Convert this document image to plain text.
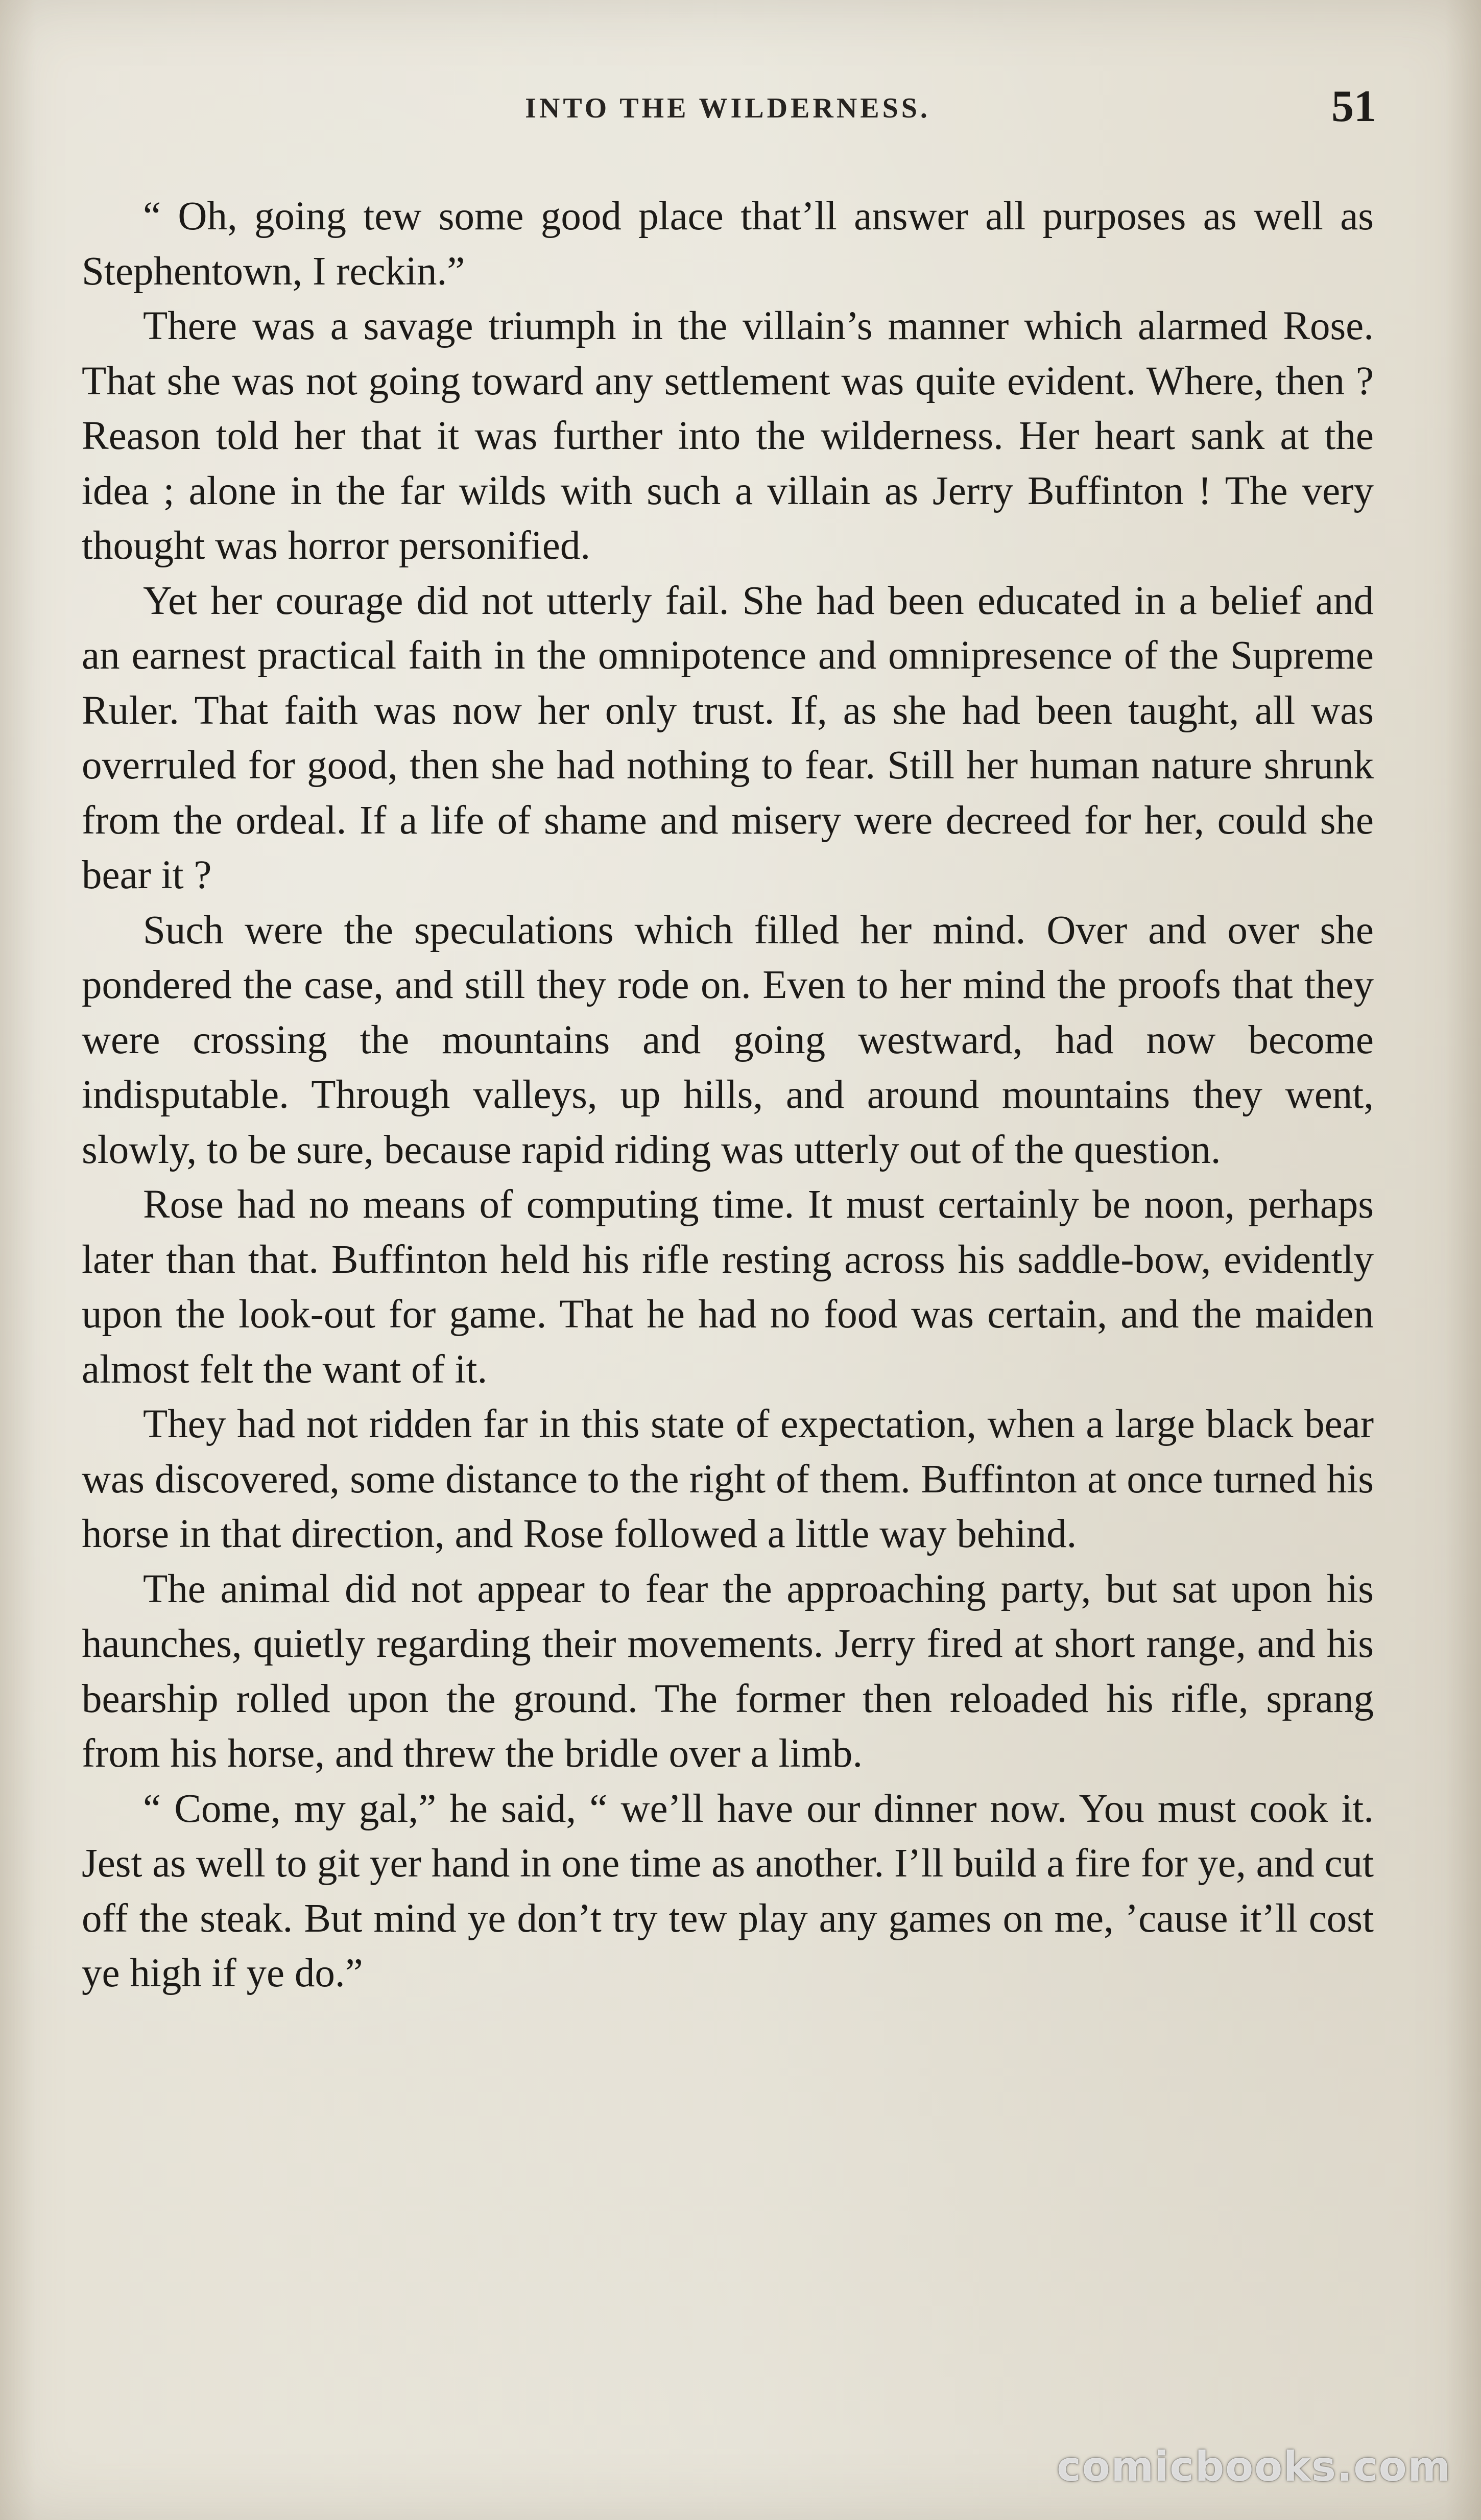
INTO THE WILDERNESS.	51

“ Oh, going tew some good place that’ll answer all purposes as well as Stephentown, I reckin.”

There was a savage triumph in the villain’s manner which alarmed Rose. That she was not going toward any settlement was quite evident. Where, then ? Reason told her that it was further into the wilderness. Her heart sank at the idea ; alone in the far wilds with such a villain as Jerry Buffinton ! The very thought was horror personified.

Yet her courage did not utterly fail. She had been educated in a belief and an earnest practical faith in the omnipotence and omnipresence of the Supreme Ruler. That faith was now her only trust. If, as she had been taught, all was overruled for good, then she had nothing to fear. Still her human nature shrunk from the ordeal. If a life of shame and misery were decreed for her, could she bear it ?

Such were the speculations which filled her mind. Over and over she pondered the case, and still they rode on. Even to her mind the proofs that they were crossing the mountains and going westward, had now become indisputable. Through valleys, up hills, and around mountains they went, slowly, to be sure, because rapid riding was utterly out of the question.

Rose had no means of computing time. It must certainly be noon, perhaps later than that. Buffinton held his rifle resting across his saddle-bow, evidently upon the look-out for game. That he had no food was certain, and the maiden almost felt the want of it.

They had not ridden far in this state of expectation, when a large black bear was discovered, some distance to the right of them. Buffinton at once turned his horse in that direction, and Rose followed a little way behind.

The animal did not appear to fear the approaching party, but sat upon his haunches, quietly regarding their movements. Jerry fired at short range, and his bearship rolled upon the ground. The former then reloaded his rifle, sprang from his horse, and threw the bridle over a limb.

“ Come, my gal,” he said, “ we’ll have our dinner now. You must cook it. Jest as well to git yer hand in one time as another. I’ll build a fire for ye, and cut off the steak. But mind ye don’t try tew play any games on me, ’cause it’ll cost ye high if ye do.”

comicbooks.com
